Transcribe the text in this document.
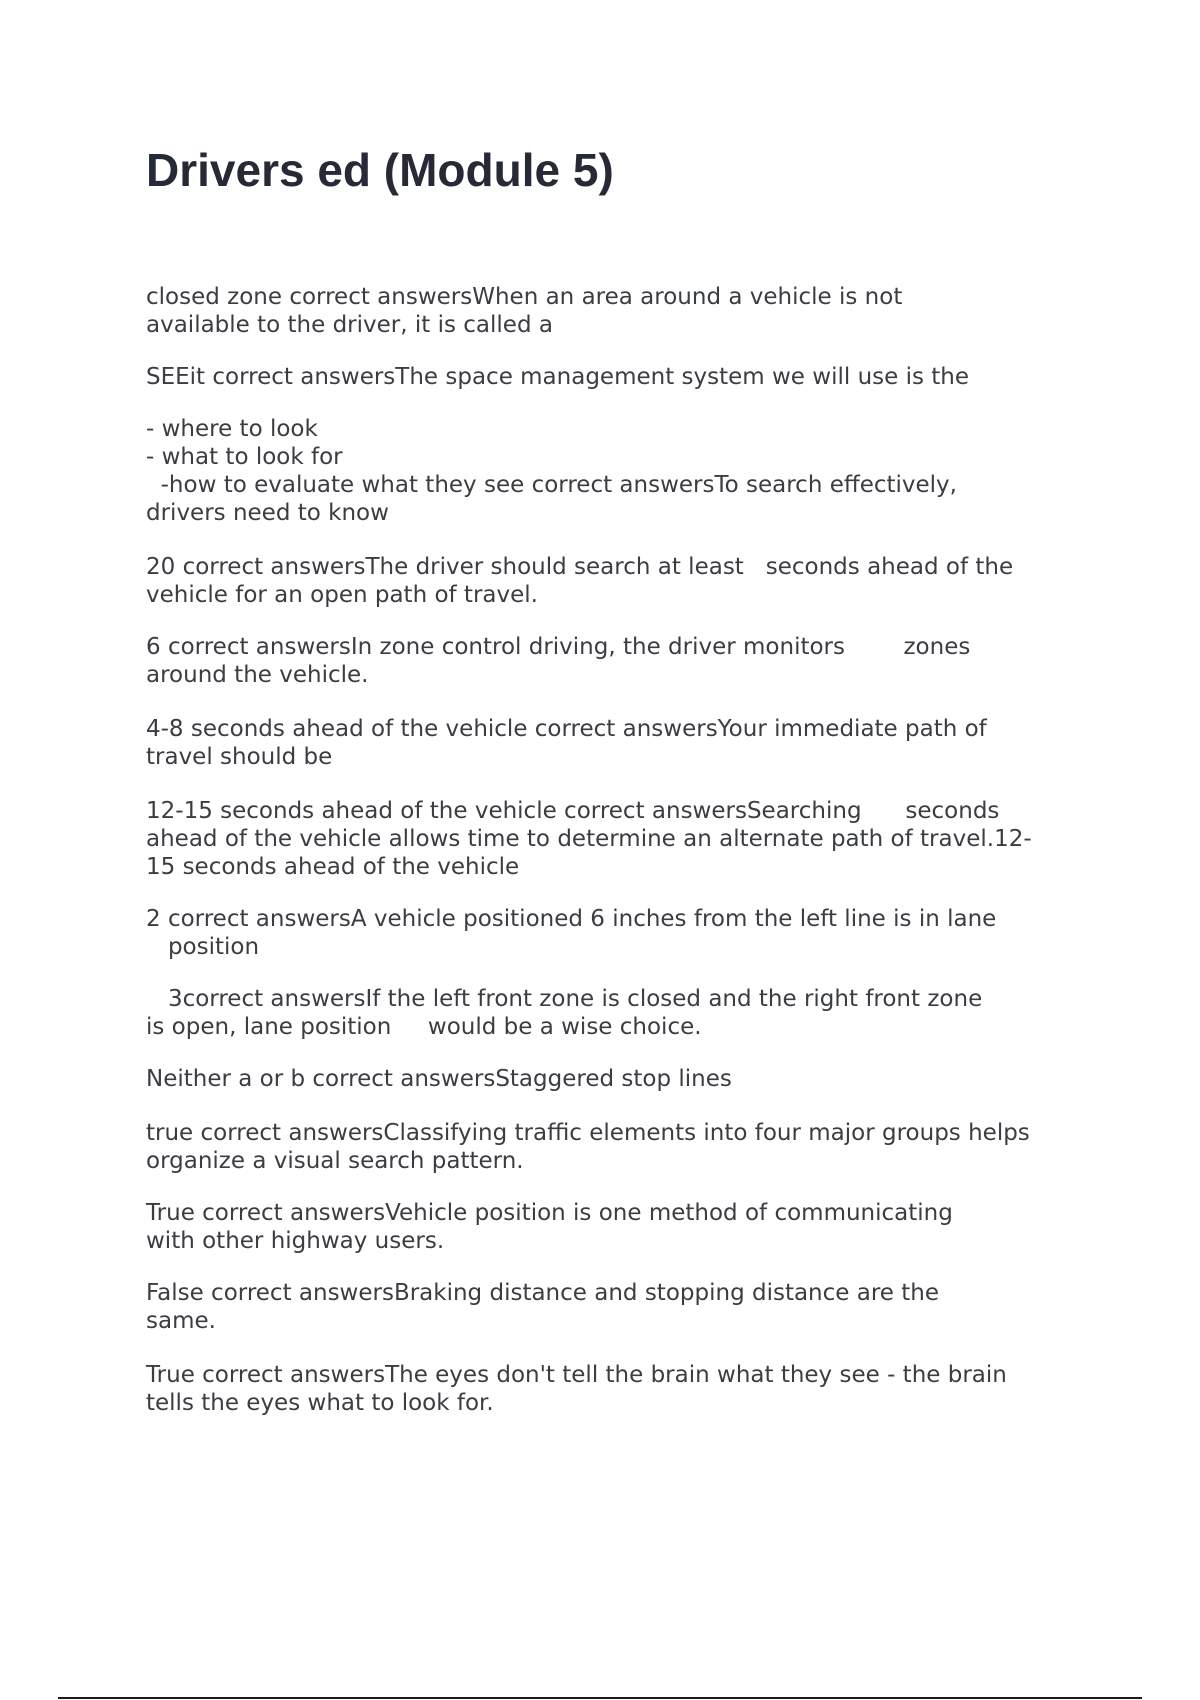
Drivers ed (Module 5)

closed zone correct answersWhen an area around a vehicle is not
available to the driver, it is called a

SEEit correct answersThe space management system we will use is the

- where to look
- what to look for
-how to evaluate what they see correct answersTo search effectively,
drivers need to know

20 correct answersThe driver should search at least   seconds ahead of the
vehicle for an open path of travel.

6 correct answersIn zone control driving, the driver monitors        zones
around the vehicle.

4-8 seconds ahead of the vehicle correct answersYour immediate path of
travel should be

12-15 seconds ahead of the vehicle correct answersSearching      seconds
ahead of the vehicle allows time to determine an alternate path of travel.12-
15 seconds ahead of the vehicle

2 correct answersA vehicle positioned 6 inches from the left line is in lane
position

3correct answersIf the left front zone is closed and the right front zone
is open, lane position     would be a wise choice.

Neither a or b correct answersStaggered stop lines

true correct answersClassifying traffic elements into four major groups helps
organize a visual search pattern.

True correct answersVehicle position is one method of communicating
with other highway users.

False correct answersBraking distance and stopping distance are the
same.

True correct answersThe eyes don't tell the brain what they see - the brain
tells the eyes what to look for.
